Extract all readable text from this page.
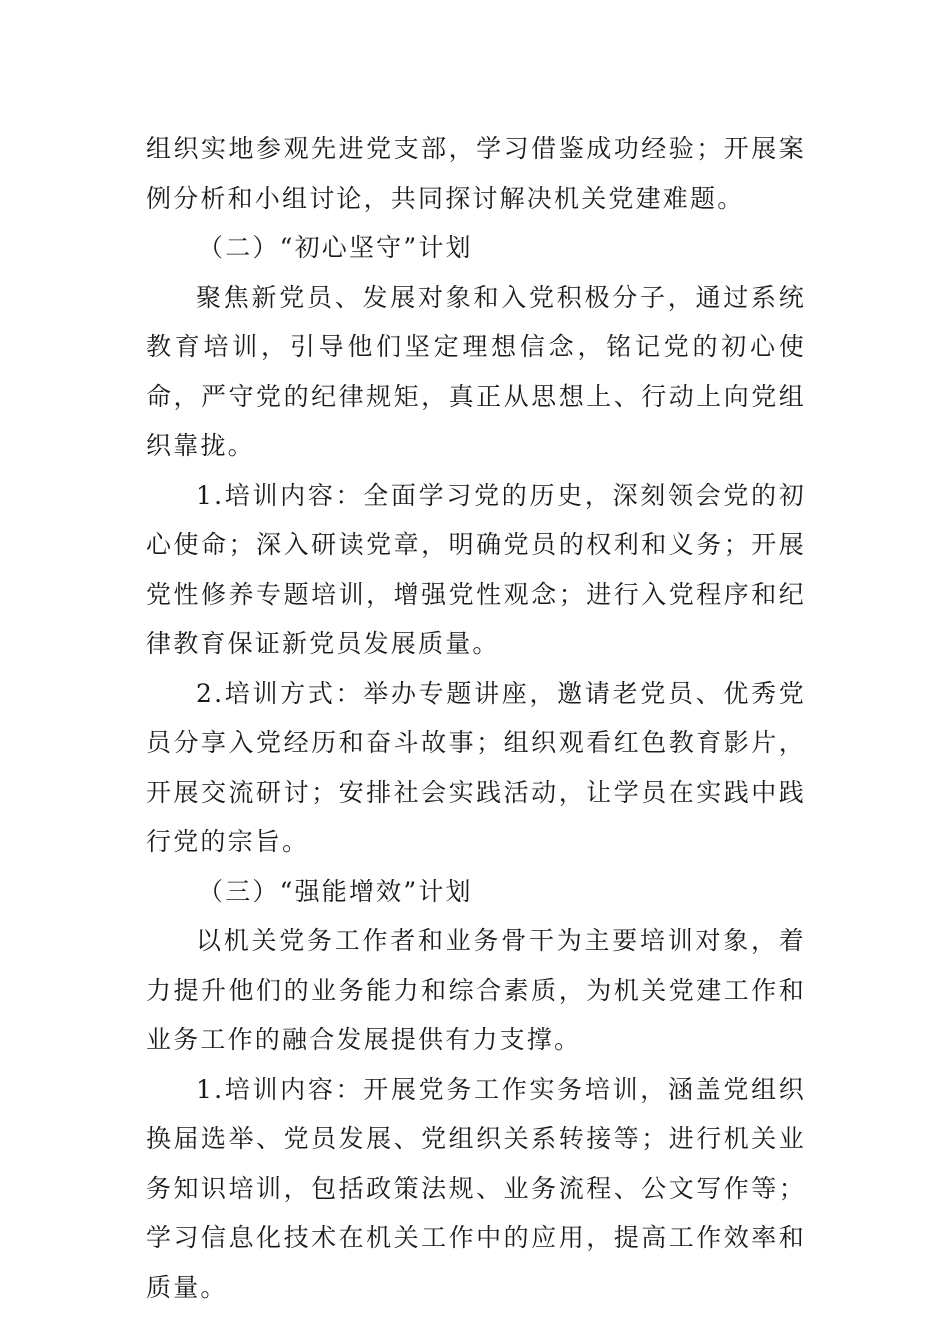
组织实地参观先进党支部，学习借鉴成功经验；开展案例分析和小组讨论，共同探讨解决机关党建难题。

（二）“初心坚守”计划

聚焦新党员、发展对象和入党积极分子，通过系统教育培训，引导他们坚定理想信念，铭记党的初心使命，严守党的纪律规矩，真正从思想上、行动上向党组织靠拢。

1.培训内容：全面学习党的历史，深刻领会党的初心使命；深入研读党章，明确党员的权利和义务；开展党性修养专题培训，增强党性观念；进行入党程序和纪律教育保证新党员发展质量。

2.培训方式：举办专题讲座，邀请老党员、优秀党员分享入党经历和奋斗故事；组织观看红色教育影片，开展交流研讨；安排社会实践活动，让学员在实践中践行党的宗旨。

（三）“强能增效”计划

以机关党务工作者和业务骨干为主要培训对象，着力提升他们的业务能力和综合素质，为机关党建工作和业务工作的融合发展提供有力支撑。

1.培训内容：开展党务工作实务培训，涵盖党组织换届选举、党员发展、党组织关系转接等；进行机关业务知识培训，包括政策法规、业务流程、公文写作等；学习信息化技术在机关工作中的应用，提高工作效率和质量。
